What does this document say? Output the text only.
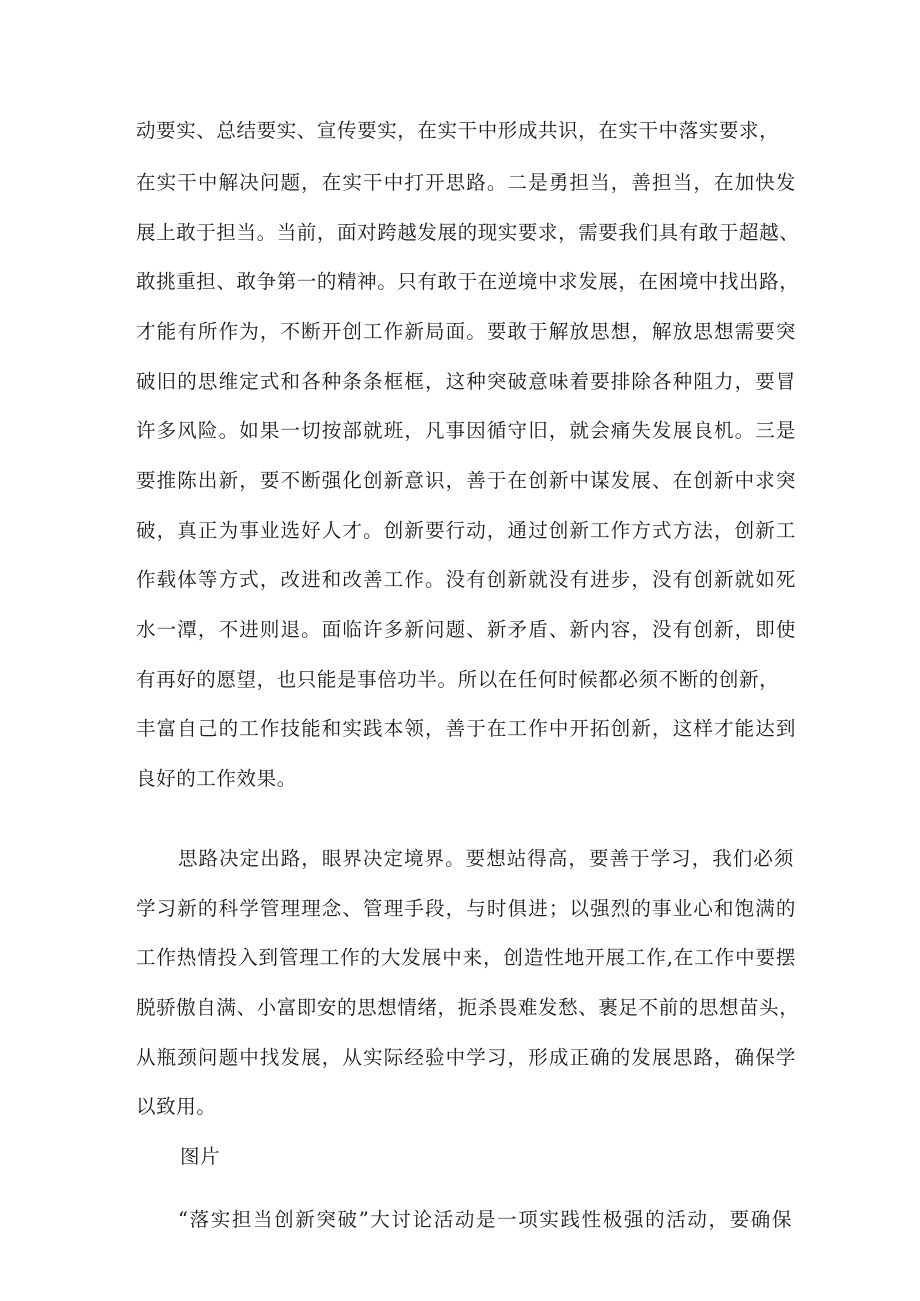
动要实、总结要实、宣传要实，在实干中形成共识，在实干中落实要求，
在实干中解决问题，在实干中打开思路。二是勇担当，善担当，在加快发
展上敢于担当。当前，面对跨越发展的现实要求，需要我们具有敢于超越、
敢挑重担、敢争第一的精神。只有敢于在逆境中求发展，在困境中找出路，
才能有所作为，不断开创工作新局面。要敢于解放思想，解放思想需要突
破旧的思维定式和各种条条框框，这种突破意味着要排除各种阻力，要冒
许多风险。如果一切按部就班，凡事因循守旧，就会痛失发展良机。三是
要推陈出新，要不断强化创新意识，善于在创新中谋发展、在创新中求突
破，真正为事业选好人才。创新要行动，通过创新工作方式方法，创新工
作载体等方式，改进和改善工作。没有创新就没有进步，没有创新就如死
水一潭，不进则退。面临许多新问题、新矛盾、新内容，没有创新，即使
有再好的愿望，也只能是事倍功半。所以在任何时候都必须不断的创新，
丰富自己的工作技能和实践本领，善于在工作中开拓创新，这样才能达到
良好的工作效果。
思路决定出路，眼界决定境界。要想站得高，要善于学习，我们必须
学习新的科学管理理念、管理手段，与时俱进；以强烈的事业心和饱满的
工作热情投入到管理工作的大发展中来，创造性地开展工作,在工作中要摆
脱骄傲自满、小富即安的思想情绪，扼杀畏难发愁、裹足不前的思想苗头，
从瓶颈问题中找发展，从实际经验中学习，形成正确的发展思路，确保学
以致用。
图片
“落实担当创新突破”大讨论活动是一项实践性极强的活动，要确保
